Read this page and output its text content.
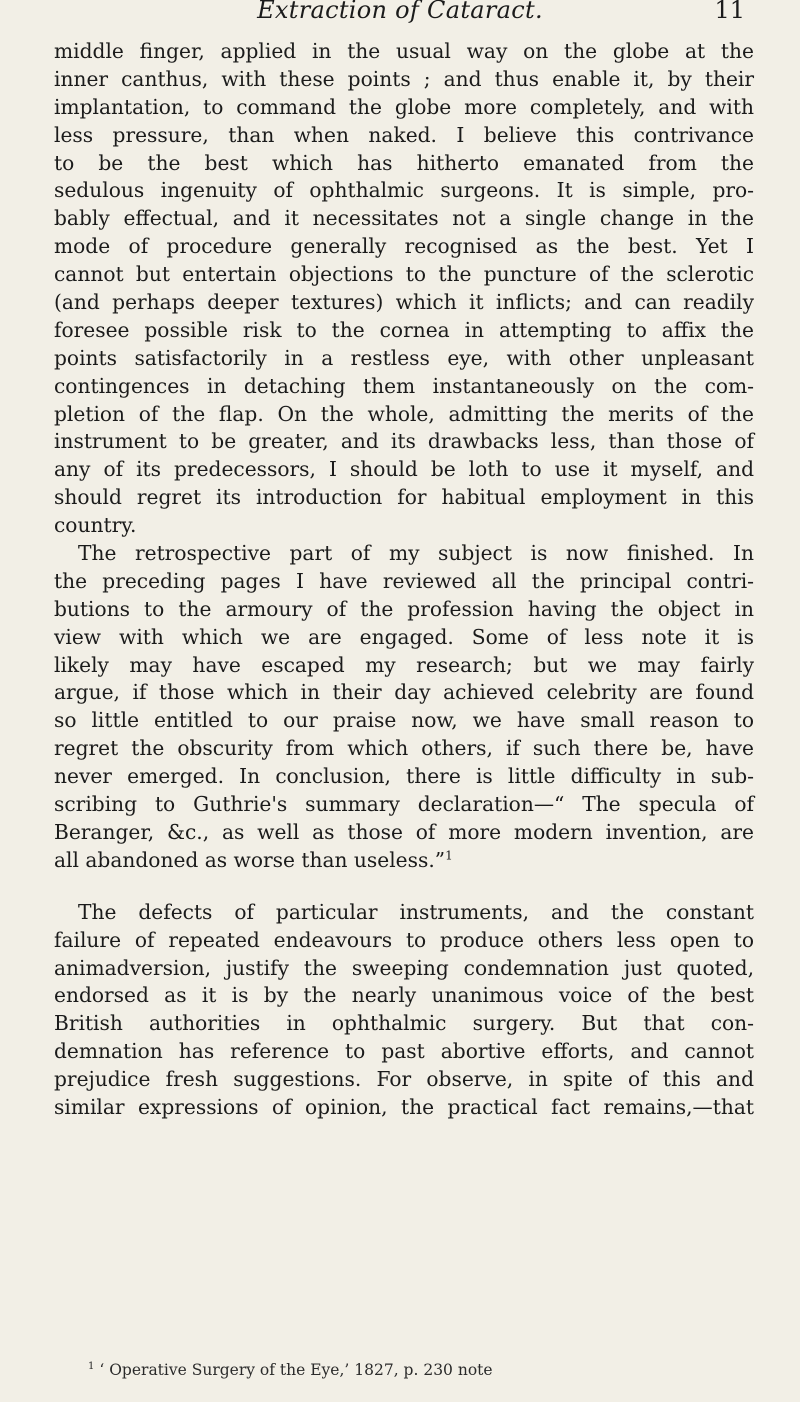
Extraction of Cataract.	11
middle finger, applied in the usual way on the globe at the
inner canthus, with these points ; and thus enable it, by their
implantation, to command the globe more completely, and with
less pressure, than when naked. I believe this contrivance
to be the best which has hitherto emanated from the
sedulous ingenuity of ophthalmic surgeons. It is simple, pro-
bably effectual, and it necessitates not a single change in the
mode of procedure generally recognised as the best. Yet I
cannot but entertain objections to the puncture of the sclerotic
(and perhaps deeper textures) which it inflicts; and can readily
foresee possible risk to the cornea in attempting to affix the
points satisfactorily in a restless eye, with other unpleasant
contingences in detaching them instantaneously on the com-
pletion of the flap. On the whole, admitting the merits of the
instrument to be greater, and its drawbacks less, than those of
any of its predecessors, I should be loth to use it myself, and
should regret its introduction for habitual employment in this
country.
The retrospective part of my subject is now finished. In
the preceding pages I have reviewed all the principal contri-
butions to the armoury of the profession having the object in
view with which we are engaged. Some of less note it is
likely may have escaped my research; but we may fairly
argue, if those which in their day achieved celebrity are found
so little entitled to our praise now, we have small reason to
regret the obscurity from which others, if such there be, have
never emerged. In conclusion, there is little difficulty in sub-
scribing to Guthrie's summary declaration—“ The specula of
Beranger, &c., as well as those of more modern invention, are
all abandoned as worse than useless.”$^1$
The defects of particular instruments, and the constant
failure of repeated endeavours to produce others less open to
animadversion, justify the sweeping condemnation just quoted,
endorsed as it is by the nearly unanimous voice of the best
British authorities in ophthalmic surgery. But that con-
demnation has reference to past abortive efforts, and cannot
prejudice fresh suggestions. For observe, in spite of this and
similar expressions of opinion, the practical fact remains,—that
$^1$ ‘ Operative Surgery of the Eye,’ 1827, p. 230 note
